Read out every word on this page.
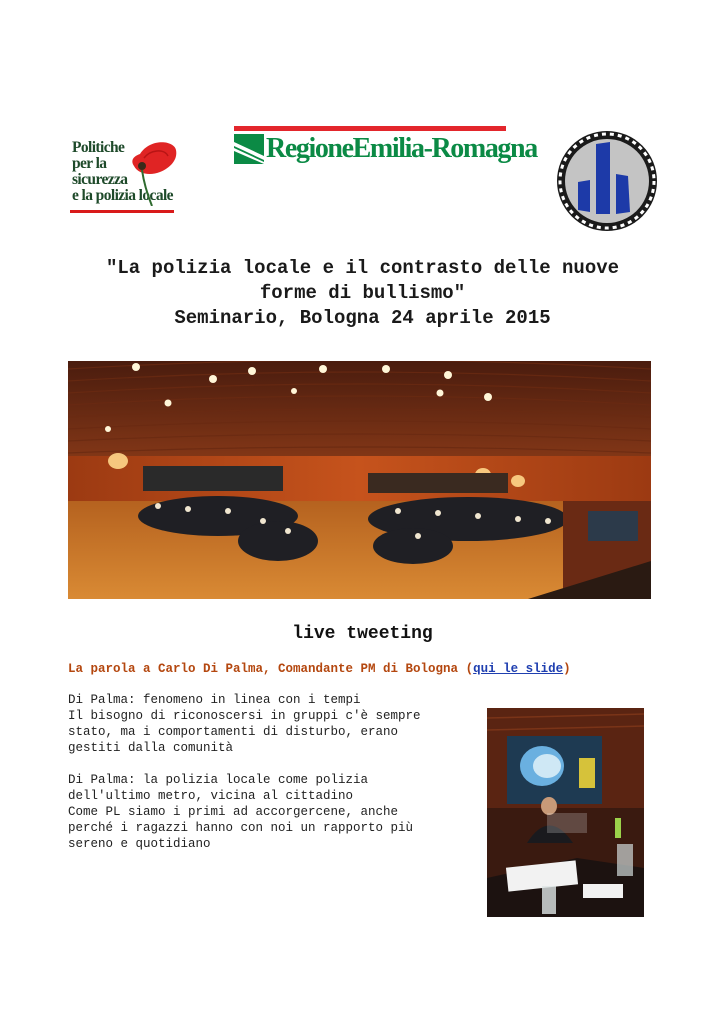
Politiche
per la
sicurezza
e la polizia locale
RegioneEmilia-Romagna
"La polizia locale e il contrasto delle nuove
forme di bullismo"
Seminario, Bologna 24 aprile 2015
live tweeting
La parola a Carlo Di Palma, Comandante PM di Bologna (qui le slide)

Di Palma: fenomeno in linea con i tempi
Il bisogno di riconoscersi in gruppi c'è sempre
stato, ma i comportamenti di disturbo, erano
gestiti dalla comunità

Di Palma: la polizia locale come polizia
dell'ultimo metro, vicina al cittadino
Come PL siamo i primi ad accorgercene, anche
perché i ragazzi hanno con noi un rapporto più
sereno e quotidiano
